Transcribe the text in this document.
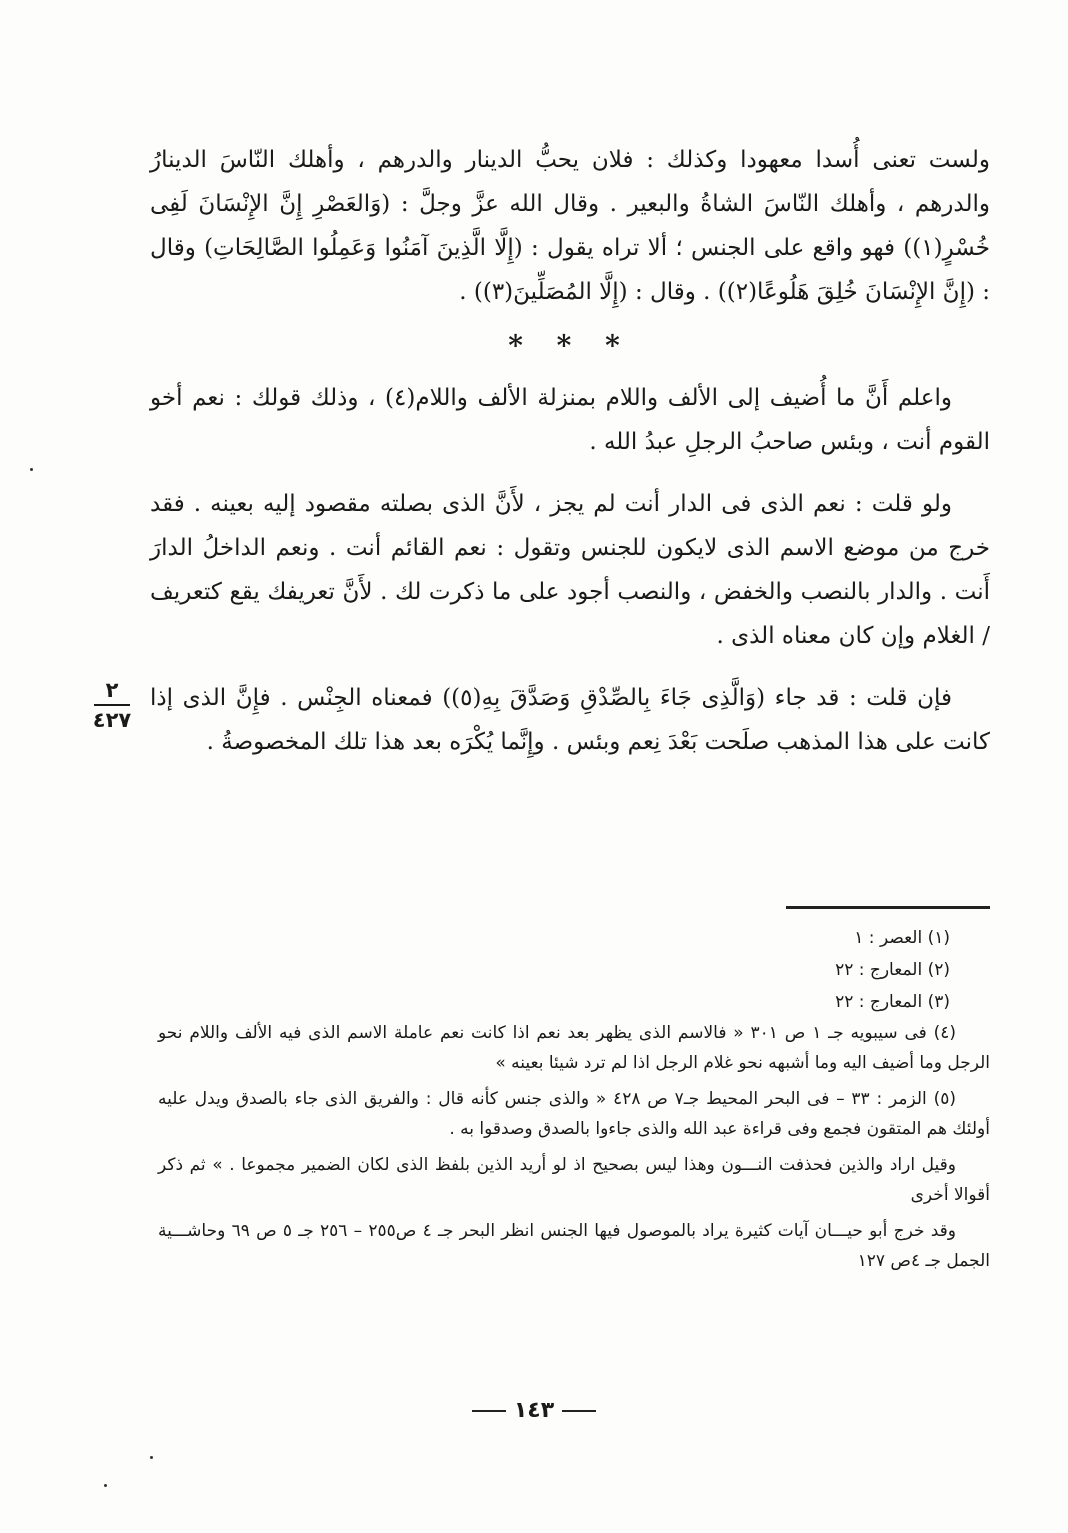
ولست تعنى أُسدا معهودا وكذلك : فلان يحبُّ الدينار والدرهم ، وأهلك النّاسَ الدينارُ والدرهم ، وأهلك النّاسَ الشاةُ والبعير . وقال الله عزَّ وجلَّ : (وَالعَصْرِ إِنَّ الإِنْسَانَ لَفِى خُسْرٍ(١)) فهو واقع على الجنس ؛ ألا تراه يقول : (إِلَّا الَّذِينَ آمَنُوا وَعَمِلُوا الصَّالِحَاتِ) وقال : (إِنَّ الإِنْسَانَ خُلِقَ هَلُوعًا(٢)) . وقال : (إِلَّا المُصَلِّينَ(٣)) .

* * *

واعلم أَنَّ ما أُضيف إلى الألف واللام بمنزلة الألف واللام(٤) ، وذلك قولك : نعم أخو القوم أنت ، وبئس صاحبُ الرجلِ عبدُ الله .

ولو قلت : نعم الذى فى الدار أنت لم يجز ، لأَنَّ الذى بصلته مقصود إليه بعينه . فقد خرج من موضع الاسم الذى لايكون للجنس وتقول : نعم القائم أنت . ونعم الداخلُ الدارَ أَنت . والدار بالنصب والخفض ، والنصب أجود على ما ذكرت لك . لأَنَّ تعريفك يقع كتعريف / الغلام وإن كان معناه الذى .

فإن قلت : قد جاء (وَالَّذِى جَاءَ بِالصِّدْقِ وَصَدَّقَ بِهِ(٥)) فمعناه الجِنْس . فإِنَّ الذى إذا كانت على هذا المذهب صلَحت بَعْدَ نِعم وبئس . وإِنَّما يُكْرَه بعد هذا تلك المخصوصةُ .

٢
٤٢٧
(١) العصر : ١
(٢) المعارج : ٢٢
(٣) المعارج : ٢٢

(٤) فى سيبويه جـ ١ ص ٣٠١ « فالاسم الذى يظهر بعد نعم اذا كانت نعم عاملة الاسم الذى فيه الألف واللام نحو الرجل وما أضيف اليه وما أشبهه نحو غلام الرجل اذا لم ترد شيئا بعينه »

(٥) الزمر : ٣٣ – فى البحر المحيط جـ٧ ص ٤٢٨ « والذى جنس كأنه قال : والفريق الذى جاء بالصدق ويدل عليه أولئك هم المتقون فجمع وفى قراءة عبد الله والذى جاءوا بالصدق وصدقوا به .

وقيل اراد والذين فحذفت النـــون وهذا ليس بصحيح اذ لو أريد الذين بلفظ الذى لكان الضمير مجموعا . » ثم ذكر أقوالا أخرى

وقد خرج أبو حيـــان آيات كثيرة يراد بالموصول فيها الجنس انظر البحر جـ ٤ ص٢٥٥ – ٢٥٦ جـ ٥ ص ٦٩ وحاشـــية الجمل جـ ٤ص ١٢٧

١٤٣
